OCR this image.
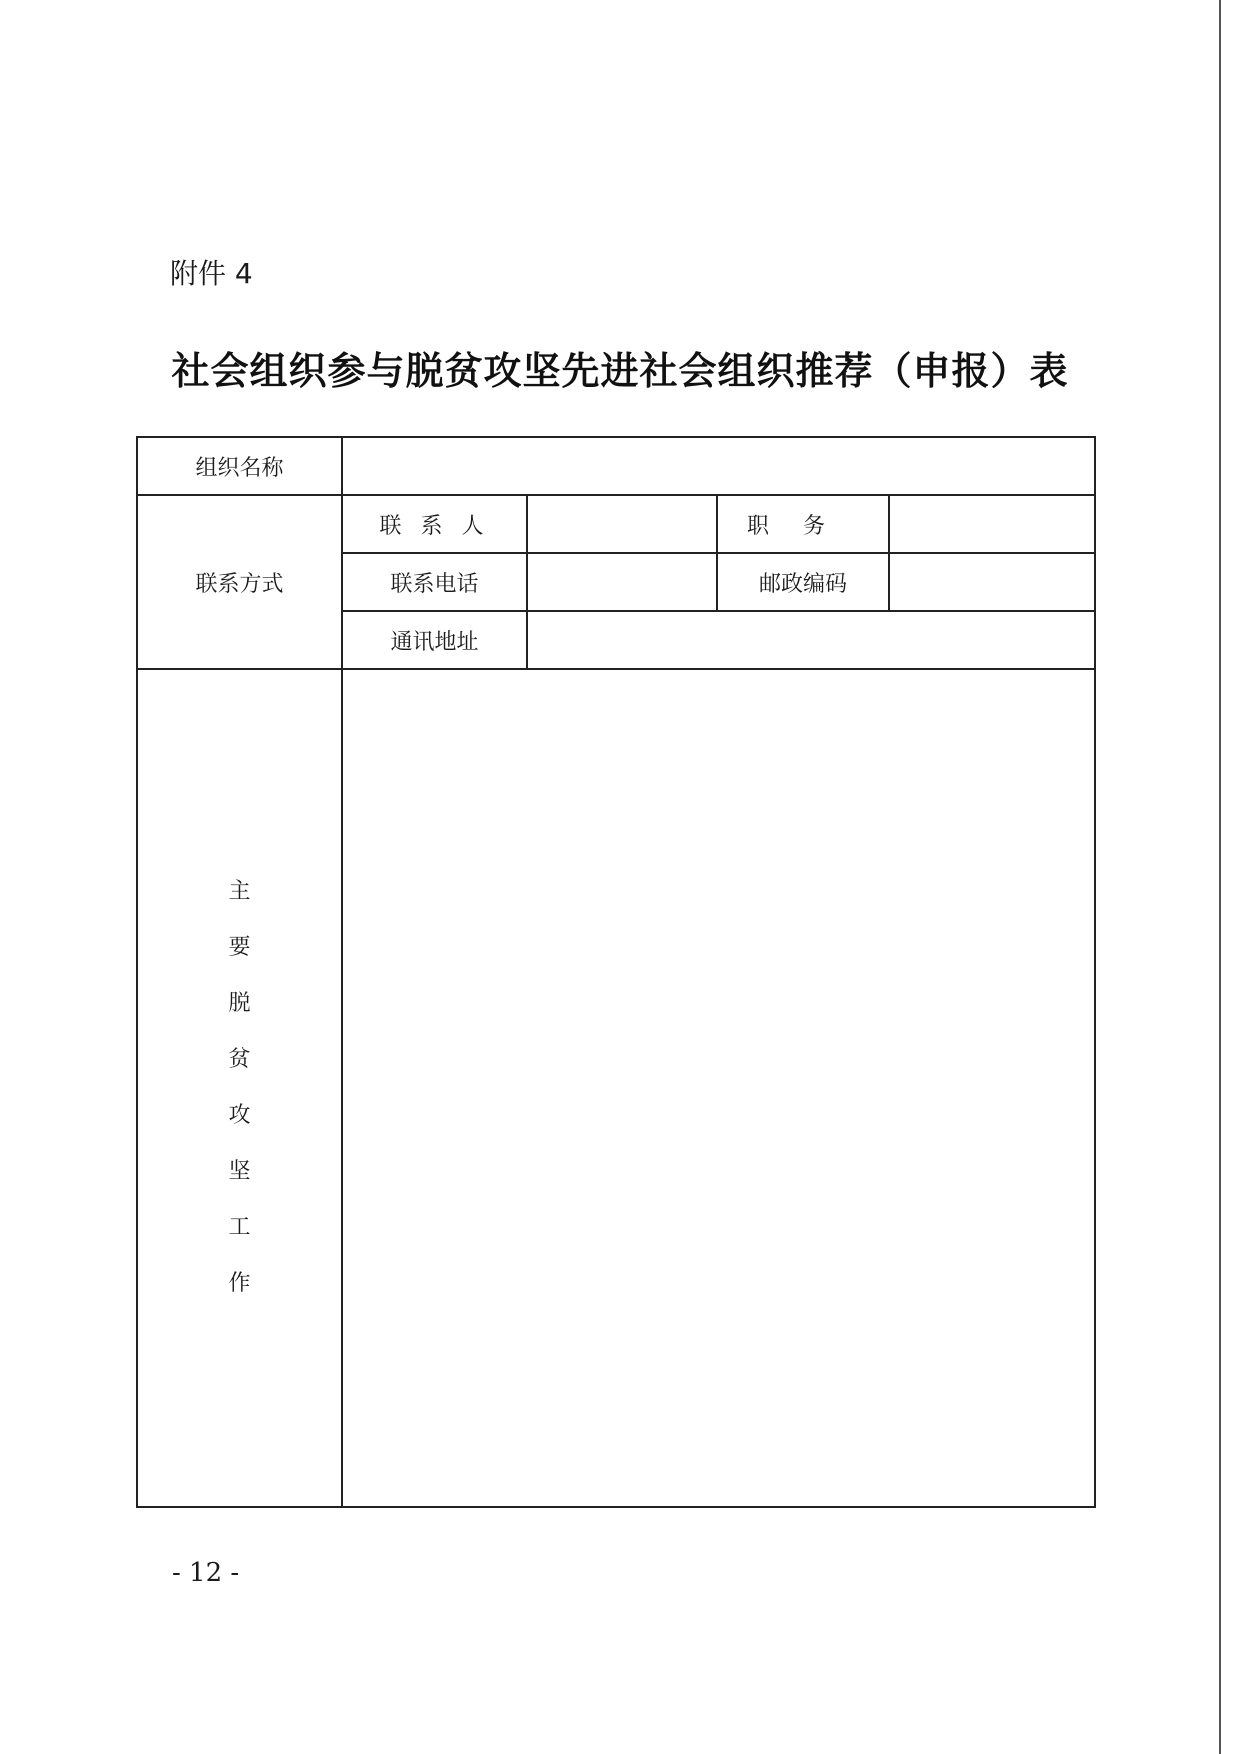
附件 4
社会组织参与脱贫攻坚先进社会组织推荐（申报）表
组织名称				
联系方式	联 系 人		职务	
	联系电话		邮政编码	
	通讯地址			
主要脱贫攻坚工作				
- 12 -
